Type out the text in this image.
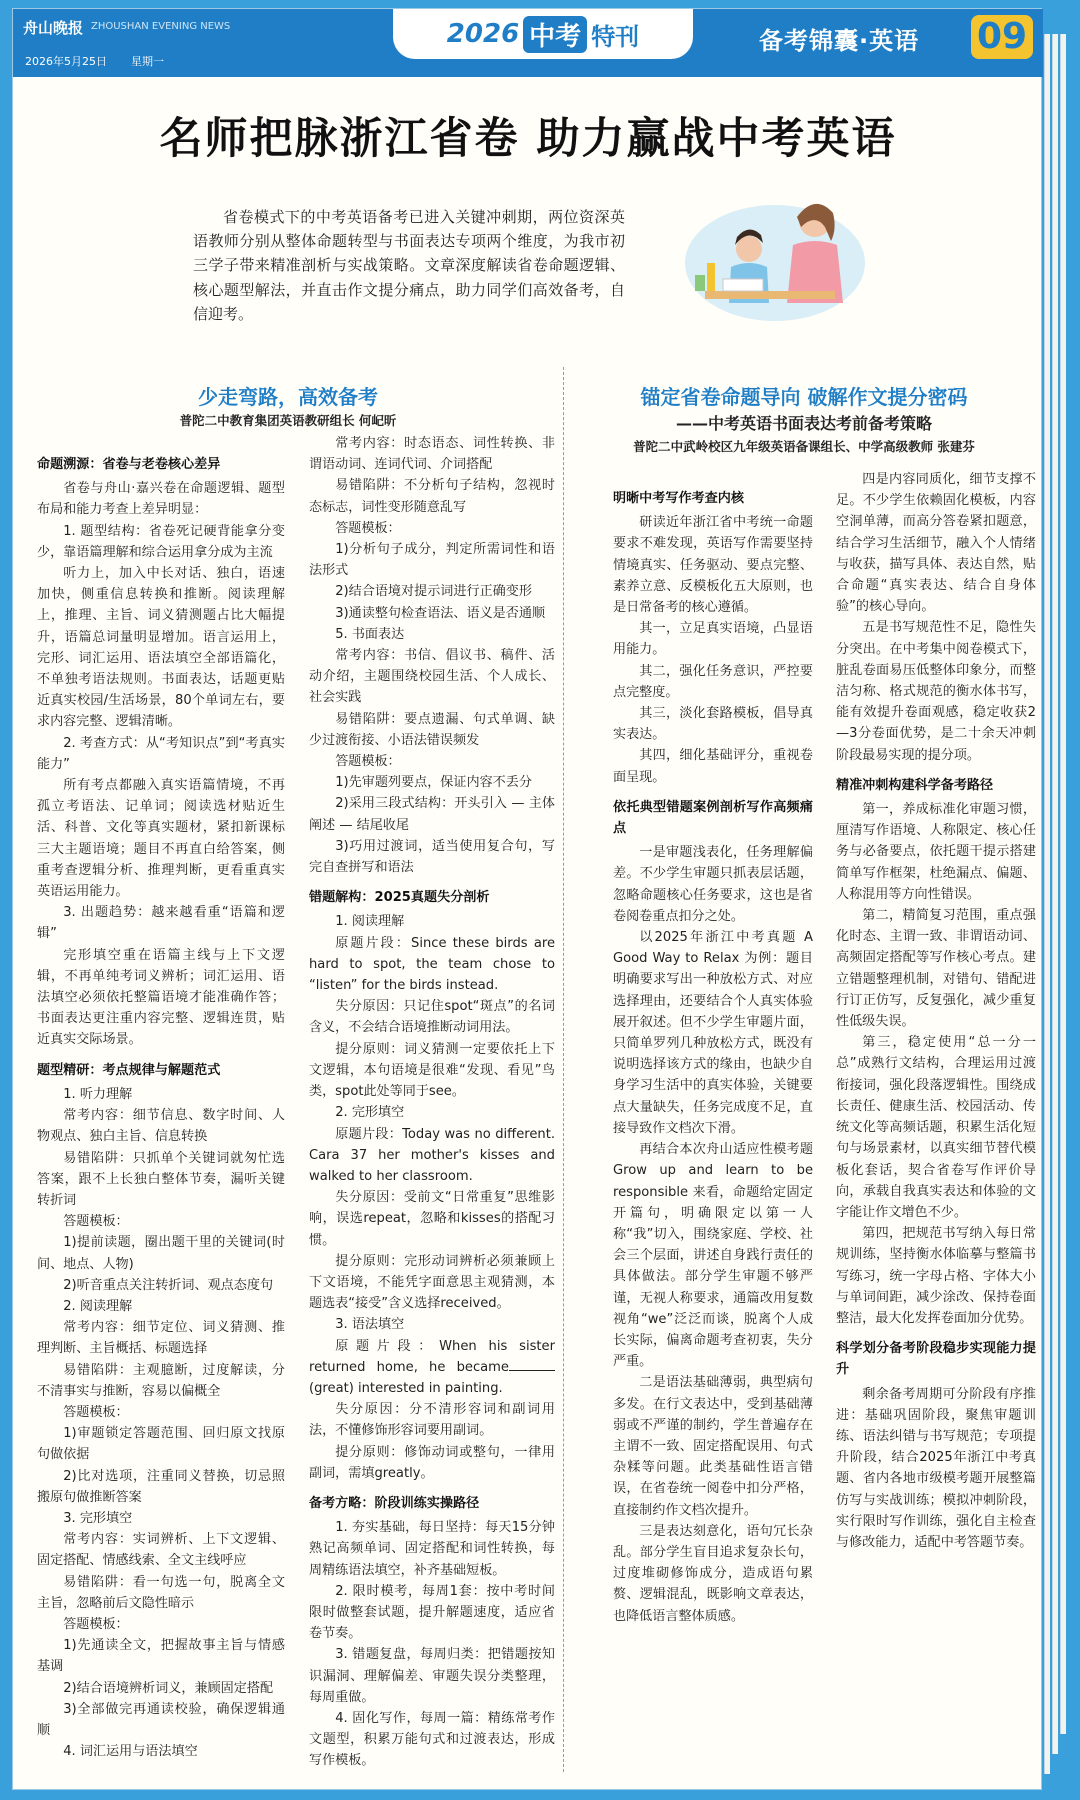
舟山晚报 ZHOUSHAN EVENING NEWS
2026年5月25日 星期一
2026 中考 特刊	备考锦囊·英语 09
名师把脉浙江省卷 助力赢战中考英语

省卷模式下的中考英语备考已进入关键冲刺期，两位资深英语教师分别从整体命题转型与书面表达专项两个维度，为我市初三学子带来精准剖析与实战策略。文章深度解读省卷命题逻辑、核心题型解法，并直击作文提分痛点，助力同学们高效备考，自信迎考。

少走弯路，高效备考
普陀二中教育集团英语教研组长 何屺昕
锚定省卷命题导向 破解作文提分密码
——中考英语书面表达考前备考策略
普陀二中武岭校区九年级英语备课组长、中学高级教师 张建芬

命题溯源：省卷与老卷核心差异

省卷与舟山·嘉兴卷在命题逻辑、题型布局和能力考查上差异明显：

1. 题型结构：省卷死记硬背能拿分变少，靠语篇理解和综合运用拿分成为主流

听力上，加入中长对话、独白，语速加快，侧重信息转换和推断。阅读理解上，推理、主旨、词义猜测题占比大幅提升，语篇总词量明显增加。语言运用上，完形、词汇运用、语法填空全部语篇化，不单独考语法规则。书面表达，话题更贴近真实校园/生活场景，80个单词左右，要求内容完整、逻辑清晰。

2. 考查方式：从“考知识点”到“考真实能力”

所有考点都融入真实语篇情境，不再孤立考语法、记单词；阅读选材贴近生活、科普、文化等真实题材，紧扣新课标三大主题语境；题目不再直白给答案，侧重考查逻辑分析、推理判断，更看重真实英语运用能力。

3. 出题趋势：越来越看重“语篇和逻辑”

完形填空重在语篇主线与上下文逻辑，不再单纯考词义辨析；词汇运用、语法填空必须依托整篇语境才能准确作答；书面表达更注重内容完整、逻辑连贯，贴近真实交际场景。

题型精研：考点规律与解题范式

1. 听力理解

常考内容：细节信息、数字时间、人物观点、独白主旨、信息转换

易错陷阱：只抓单个关键词就匆忙选答案，跟不上长独白整体节奏，漏听关键转折词

答题模板：

1)提前读题，圈出题干里的关键词(时间、地点、人物)

2)听音重点关注转折词、观点态度句

2. 阅读理解

常考内容：细节定位、词义猜测、推理判断、主旨概括、标题选择

易错陷阱：主观臆断，过度解读，分不清事实与推断，容易以偏概全

答题模板：

1)审题锁定答题范围、回归原文找原句做依据

2)比对选项，注重同义替换，切忌照搬原句做推断答案

3. 完形填空

常考内容：实词辨析、上下文逻辑、固定搭配、情感线索、全文主线呼应

易错陷阱：看一句选一句，脱离全文主旨，忽略前后文隐性暗示

答题模板：

1)先通读全文，把握故事主旨与情感基调

2)结合语境辨析词义，兼顾固定搭配

3)全部做完再通读校验，确保逻辑通顺

4. 词汇运用与语法填空

常考内容：时态语态、词性转换、非谓语动词、连词代词、介词搭配

易错陷阱：不分析句子结构，忽视时态标志，词性变形随意乱写

答题模板：

1)分析句子成分，判定所需词性和语法形式

2)结合语境对提示词进行正确变形

3)通读整句检查语法、语义是否通顺

5. 书面表达

常考内容：书信、倡议书、稿件、活动介绍，主题围绕校园生活、个人成长、社会实践

易错陷阱：要点遗漏、句式单调、缺少过渡衔接、小语法错误频发

答题模板：

1)先审题列要点，保证内容不丢分

2)采用三段式结构：开头引入 — 主体阐述 — 结尾收尾

3)巧用过渡词，适当使用复合句，写完自查拼写和语法

错题解构：2025真题失分剖析

1. 阅读理解

原题片段：Since these birds are hard to spot, the team chose to “listen” for the birds instead.

失分原因：只记住spot“斑点”的名词含义，不会结合语境推断动词用法。

提分原则：词义猜测一定要依托上下文逻辑，本句语境是很难“发现、看见”鸟类，spot此处等同于see。

2. 完形填空

原题片段：Today was no different. Cara 37 her mother's kisses and walked to her classroom.

失分原因：受前文“日常重复”思维影响，误选repeat，忽略和kisses的搭配习惯。

提分原则：完形动词辨析必须兼顾上下文语境，不能凭字面意思主观猜测，本题选表“接受”含义选择received。

3. 语法填空

原题片段：When his sister returned home, he became(great) interested in painting.

失分原因：分不清形容词和副词用法，不懂修饰形容词要用副词。

提分原则：修饰动词或整句，一律用副词，需填greatly。

备考方略：阶段训练实操路径

1. 夯实基础，每日坚持：每天15分钟熟记高频单词、固定搭配和词性转换，每周精练语法填空，补齐基础短板。

2. 限时模考，每周1套：按中考时间限时做整套试题，提升解题速度，适应省卷节奏。

3. 错题复盘，每周归类：把错题按知识漏洞、理解偏差、审题失误分类整理，每周重做。

4. 固化写作，每周一篇：精练常考作文题型，积累万能句式和过渡表达，形成写作模板。

明晰中考写作考查内核

研读近年浙江省中考统一命题要求不难发现，英语写作需要坚持情境真实、任务驱动、要点完整、素养立意、反模板化五大原则，也是日常备考的核心遵循。

其一，立足真实语境，凸显语用能力。

其二，强化任务意识，严控要点完整度。

其三，淡化套路模板，倡导真实表达。

其四，细化基础评分，重视卷面呈现。

依托典型错题案例剖析写作高频痛点

一是审题浅表化，任务理解偏差。不少学生审题只抓表层话题，忽略命题核心任务要求，这也是省卷阅卷重点扣分之处。

以2025年浙江中考真题 A Good Way to Relax 为例：题目明确要求写出一种放松方式、对应选择理由，还要结合个人真实体验展开叙述。但不少学生审题片面，只简单罗列几种放松方式，既没有说明选择该方式的缘由，也缺少自身学习生活中的真实体验，关键要点大量缺失，任务完成度不足，直接导致作文档次下滑。

再结合本次舟山适应性模考题 Grow up and learn to be responsible 来看，命题给定固定开篇句，明确限定以第一人称“我”切入，围绕家庭、学校、社会三个层面，讲述自身践行责任的具体做法。部分学生审题不够严谨，无视人称要求，通篇改用复数视角“we”泛泛而谈，脱离个人成长实际，偏离命题考查初衷，失分严重。

二是语法基础薄弱，典型病句多发。在行文表达中，受到基础薄弱或不严谨的制约，学生普遍存在主谓不一致、固定搭配误用、句式杂糅等问题。此类基础性语言错误，在省卷统一阅卷中扣分严格，直接制约作文档次提升。

三是表达刻意化，语句冗长杂乱。部分学生盲目追求复杂长句，过度堆砌修饰成分，造成语句累赘、逻辑混乱，既影响文章表达，也降低语言整体质感。

四是内容同质化，细节支撑不足。不少学生依赖固化模板，内容空洞单薄，而高分答卷紧扣题意，结合学习生活细节，融入个人情绪与收获，描写具体、表达自然，贴合命题“真实表达、结合自身体验”的核心导向。

五是书写规范性不足，隐性失分突出。在中考集中阅卷模式下，脏乱卷面易压低整体印象分，而整洁匀称、格式规范的衡水体书写，能有效提升卷面观感，稳定收获2—3分卷面优势，是二十余天冲刺阶段最易实现的提分项。

精准冲刺构建科学备考路径

第一，养成标准化审题习惯，厘清写作语境、人称限定、核心任务与必备要点，依托题干提示搭建简单写作框架，杜绝漏点、偏题、人称混用等方向性错误。

第二，精简复习范围，重点强化时态、主谓一致、非谓语动词、高频固定搭配等写作核心考点。建立错题整理机制，对错句、错配进行订正仿写，反复强化，减少重复性低级失误。

第三，稳定使用“总一分一总”成熟行文结构，合理运用过渡衔接词，强化段落逻辑性。围绕成长责任、健康生活、校园活动、传统文化等高频话题，积累生活化短句与场景素材，以真实细节替代模板化套话，契合省卷写作评价导向，承载自我真实表达和体验的文字能让作文增色不少。

第四，把规范书写纳入每日常规训练，坚持衡水体临摹与整篇书写练习，统一字母占格、字体大小与单词间距，减少涂改、保持卷面整洁，最大化发挥卷面加分优势。

科学划分备考阶段稳步实现能力提升

剩余备考周期可分阶段有序推进：基础巩固阶段，聚焦审题训练、语法纠错与书写规范；专项提升阶段，结合2025年浙江中考真题、省内各地市级模考题开展整篇仿写与实战训练；模拟冲刺阶段，实行限时写作训练，强化自主检查与修改能力，适配中考答题节奏。
